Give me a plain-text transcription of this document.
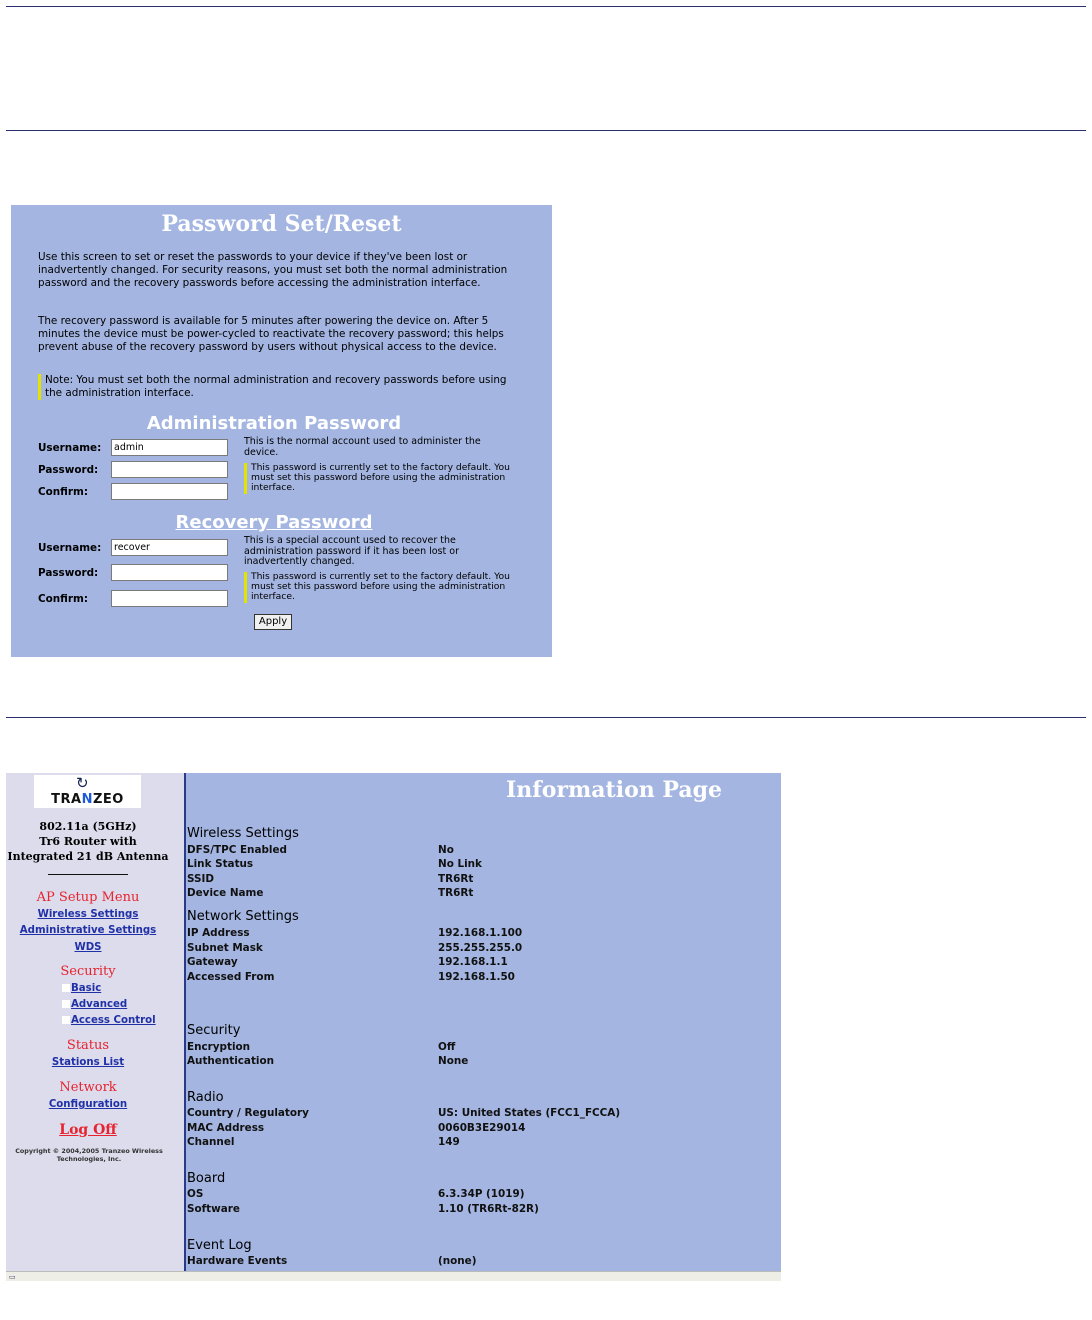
Password Set/Reset
Use this screen to set or reset the passwords to your device if they've been lost or inadvertently changed. For security reasons, you must set both the normal administration password and the recovery passwords before accessing the administration interface.
The recovery password is available for 5 minutes after powering the device on. After 5 minutes the device must be power-cycled to reactivate the recovery password; this helps prevent abuse of the recovery password by users without physical access to the device.
Note: You must set both the normal administration and recovery passwords before using the administration interface.
Administration Password
Username:	admin
Password:
Confirm:
This is the normal account used to administer the device.
This password is currently set to the factory default. You must set this password before using the administration interface.
Recovery Password
Username:	recover
Password:
Confirm:
This is a special account used to recover the administration password if it has been lost or inadvertently changed.
This password is currently set to the factory default. You must set this password before using the administration interface.
Apply
↻
TRANZEO
802.11a (5GHz)
Tr6 Router with
Integrated 21 dB Antenna
AP Setup Menu
Wireless Settings
Administrative Settings
WDS
Security
Basic
Advanced
Access Control
Status
Stations List
Network
Configuration
Log Off
Copyright © 2004,2005 Tranzeo Wireless
Technologies, Inc.
Information Page
Wireless Settings
DFS/TPC Enabled	No
Link Status	No Link
SSID	TR6Rt
Device Name	TR6Rt
Network Settings
IP Address	192.168.1.100
Subnet Mask	255.255.255.0
Gateway	192.168.1.1
Accessed From	192.168.1.50
Security
Encryption	Off
Authentication	None
Radio
Country / Regulatory	US: United States (FCC1_FCCA)
MAC Address	0060B3E29014
Channel	149
Board
OS	6.3.34P (1019)
Software	1.10 (TR6Rt-82R)
Event Log
Hardware Events	(none)
▭
